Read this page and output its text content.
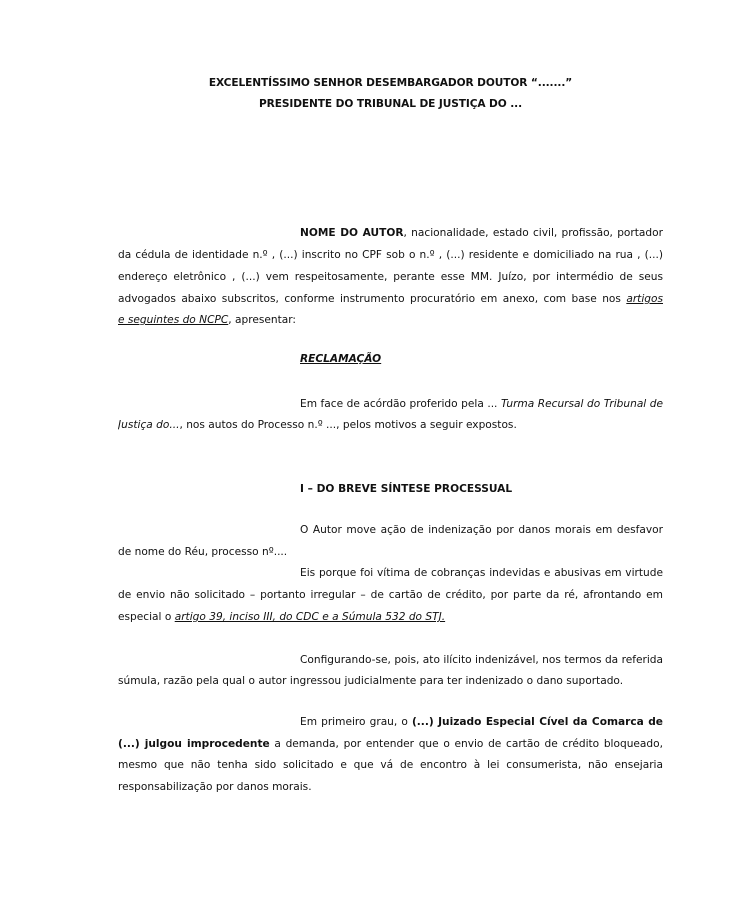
EXCELENTÍSSIMO SENHOR DESEMBARGADOR DOUTOR “.......”
PRESIDENTE DO TRIBUNAL DE JUSTIÇA DO ...
NOME DO AUTOR, nacionalidade, estado civil, profissão, portador
da cédula de identidade n.º , (...) inscrito no CPF sob o n.º , (...) residente e domiciliado na rua , (...)
endereço eletrônico , (...) vem respeitosamente, perante esse MM. Juízo, por intermédio de seus
advogados abaixo subscritos, conforme instrumento procuratório em anexo, com base nos artigos
e seguintes do NCPC, apresentar:
RECLAMAÇÃO
Em face de acórdão proferido pela ... Turma Recursal do Tribunal de
Justiça do..., nos autos do Processo n.º ..., pelos motivos a seguir expostos.
I – DO BREVE SÍNTESE PROCESSUAL
O Autor move ação de indenização por danos morais em desfavor
de nome do Réu, processo nº....
Eis porque foi vítima de cobranças indevidas e abusivas em virtude
de envio não solicitado – portanto irregular – de cartão de crédito, por parte da ré, afrontando em
especial o artigo 39, inciso III, do CDC e a Súmula 532 do STJ.
Configurando-se, pois, ato ilícito indenizável, nos termos da referida
súmula, razão pela qual o autor ingressou judicialmente para ter indenizado o dano suportado.
Em primeiro grau, o (...) Juizado Especial Cível da Comarca de
(...) julgou improcedente a demanda, por entender que o envio de cartão de crédito bloqueado,
mesmo que não tenha sido solicitado e que vá de encontro à lei consumerista, não ensejaria
responsabilização por danos morais.
